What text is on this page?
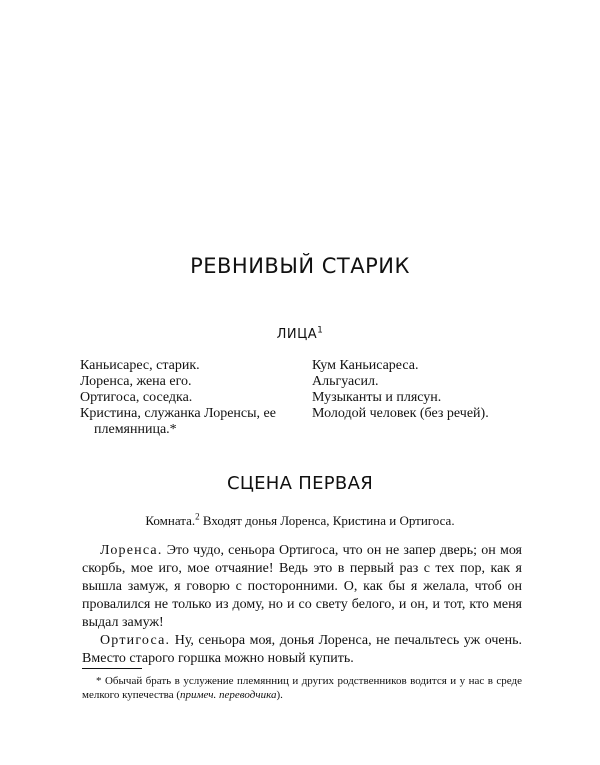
РЕВНИВЫЙ СТАРИК
ЛИЦА$^1$
Каньисарес, старик.
Лоренса, жена его.
Ортигоса, соседка.
Кристина, служанка Лоренсы, ее племянница.*
Кум Каньисареса.
Альгуасил.
Музыканты и плясун.
Молодой человек (без речей).
СЦЕНА ПЕРВАЯ
Комната.$^2$ Входят донья Лоренса, Кристина и Ортигоса.

Лоренса. Это чудо, сеньора Ортигоса, что он не запер дверь; он моя скорбь, мое иго, мое отчаяние! Ведь это в первый раз с тех пор, как я вышла замуж, я говорю с посторонними. О, как бы я желала, чтоб он провалился не только из дому, но и со свету белого, и он, и тот, кто меня выдал замуж!

Ортигоса. Ну, сеньора моя, донья Лоренса, не печальтесь уж очень. Вместо старого горшка можно новый купить.

* Обычай брать в услужение племянниц и других родственников водится и у нас в среде мелкого купечества (примеч. переводчика).
